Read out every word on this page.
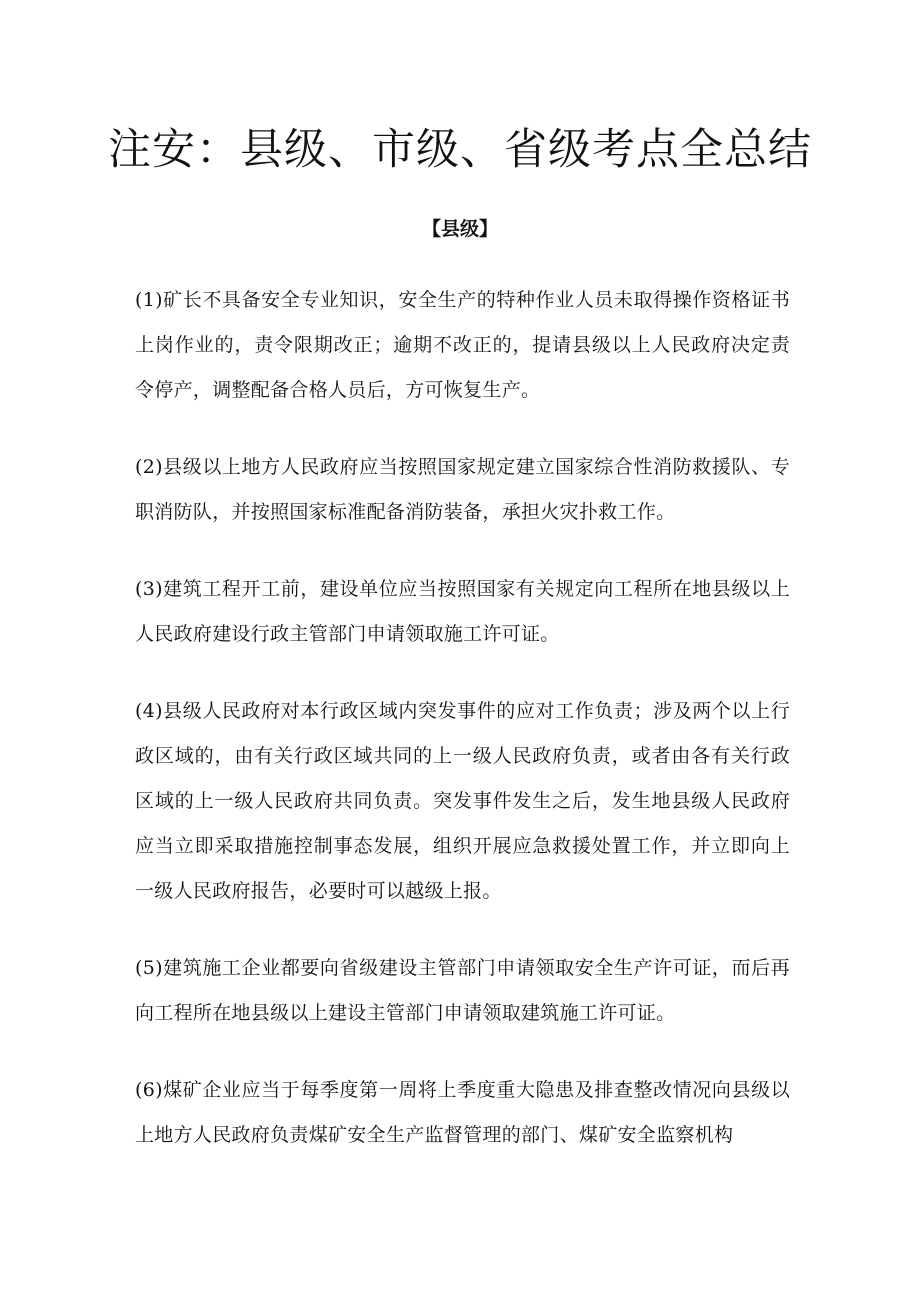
注安：县级、市级、省级考点全总结
【县级】

(1)矿长不具备安全专业知识，安全生产的特种作业人员未取得操作资格证书上岗作业的，责令限期改正；逾期不改正的，提请县级以上人民政府决定责令停产，调整配备合格人员后，方可恢复生产。

(2)县级以上地方人民政府应当按照国家规定建立国家综合性消防救援队、专职消防队，并按照国家标准配备消防装备，承担火灾扑救工作。

(3)建筑工程开工前，建设单位应当按照国家有关规定向工程所在地县级以上人民政府建设行政主管部门申请领取施工许可证。

(4)县级人民政府对本行政区域内突发事件的应对工作负责；涉及两个以上行政区域的，由有关行政区域共同的上一级人民政府负责，或者由各有关行政区域的上一级人民政府共同负责。突发事件发生之后，发生地县级人民政府应当立即采取措施控制事态发展，组织开展应急救援处置工作，并立即向上一级人民政府报告，必要时可以越级上报。

(5)建筑施工企业都要向省级建设主管部门申请领取安全生产许可证，而后再向工程所在地县级以上建设主管部门申请领取建筑施工许可证。

(6)煤矿企业应当于每季度第一周将上季度重大隐患及排查整改情况向县级以上地方人民政府负责煤矿安全生产监督管理的部门、煤矿安全监察机构
